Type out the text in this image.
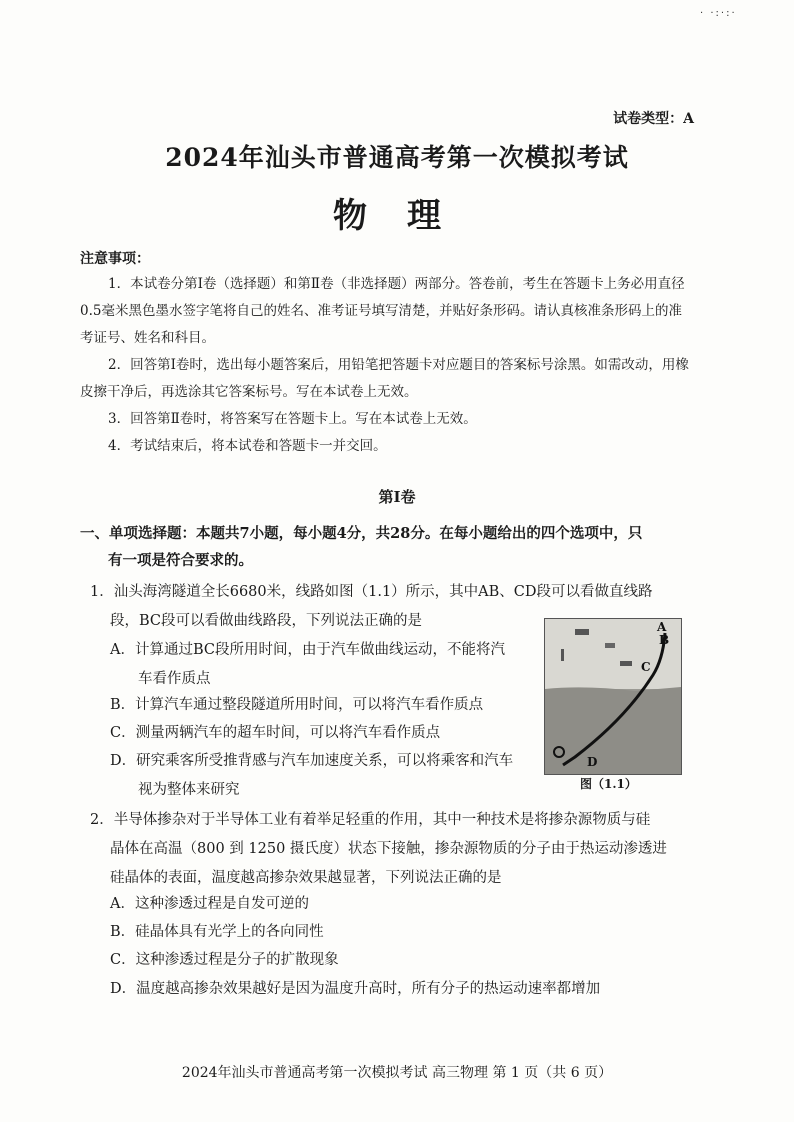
· ·:·:·
试卷类型：A
2024年汕头市普通高考第一次模拟考试
物理
注意事项：

1．本试卷分第Ⅰ卷（选择题）和第Ⅱ卷（非选择题）两部分。答卷前，考生在答题卡上务必用直径 0.5毫米黑色墨水签字笔将自己的姓名、准考证号填写清楚，并贴好条形码。请认真核准条形码上的准考证号、姓名和科目。

2．回答第Ⅰ卷时，选出每小题答案后，用铅笔把答题卡对应题目的答案标号涂黑。如需改动，用橡皮擦干净后，再选涂其它答案标号。写在本试卷上无效。

3．回答第Ⅱ卷时，将答案写在答题卡上。写在本试卷上无效。

4．考试结束后，将本试卷和答题卡一并交回。

第Ⅰ卷
一、单项选择题：本题共7小题，每小题4分，共28分。在每小题给出的四个选项中，只
有一项是符合要求的。
1．汕头海湾隧道全长6680米，线路如图（1.1）所示，其中AB、CD段可以看做直线路
段，BC段可以看做曲线路段，下列说法正确的是
A．计算通过BC段所用时间，由于汽车做曲线运动，不能将汽
车看作质点
B．计算汽车通过整段隧道所用时间，可以将汽车看作质点
C．测量两辆汽车的超车时间，可以将汽车看作质点
D．研究乘客所受推背感与汽车加速度关系，可以将乘客和汽车
视为整体来研究
A
B
C
D
图（1.1）
2．半导体掺杂对于半导体工业有着举足轻重的作用，其中一种技术是将掺杂源物质与硅
晶体在高温（800 到 1250 摄氏度）状态下接触，掺杂源物质的分子由于热运动渗透进
硅晶体的表面，温度越高掺杂效果越显著，下列说法正确的是
A．这种渗透过程是自发可逆的
B．硅晶体具有光学上的各向同性
C．这种渗透过程是分子的扩散现象
D．温度越高掺杂效果越好是因为温度升高时，所有分子的热运动速率都增加
2024年汕头市普通高考第一次模拟考试 高三物理 第 1 页（共 6 页）
